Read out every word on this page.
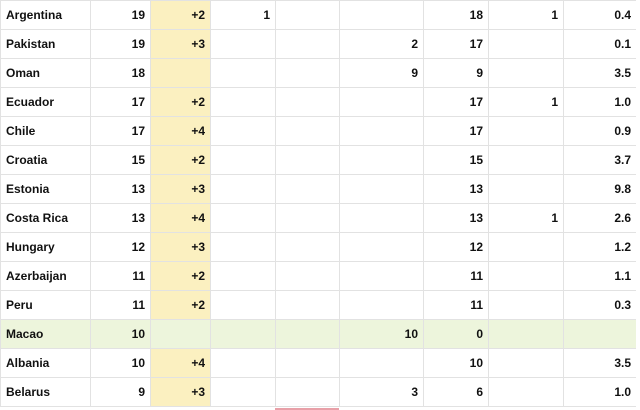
Argentina	19	+2	1			18	1	0.4
Pakistan	19	+3			2	17		0.1
Oman	18				9	9		3.5
Ecuador	17	+2				17	1	1.0
Chile	17	+4				17		0.9
Croatia	15	+2				15		3.7
Estonia	13	+3				13		9.8
Costa Rica	13	+4				13	1	2.6
Hungary	12	+3				12		1.2
Azerbaijan	11	+2				11		1.1
Peru	11	+2				11		0.3
Macao	10				10	0		
Albania	10	+4				10		3.5
Belarus	9	+3			3	6		1.0
